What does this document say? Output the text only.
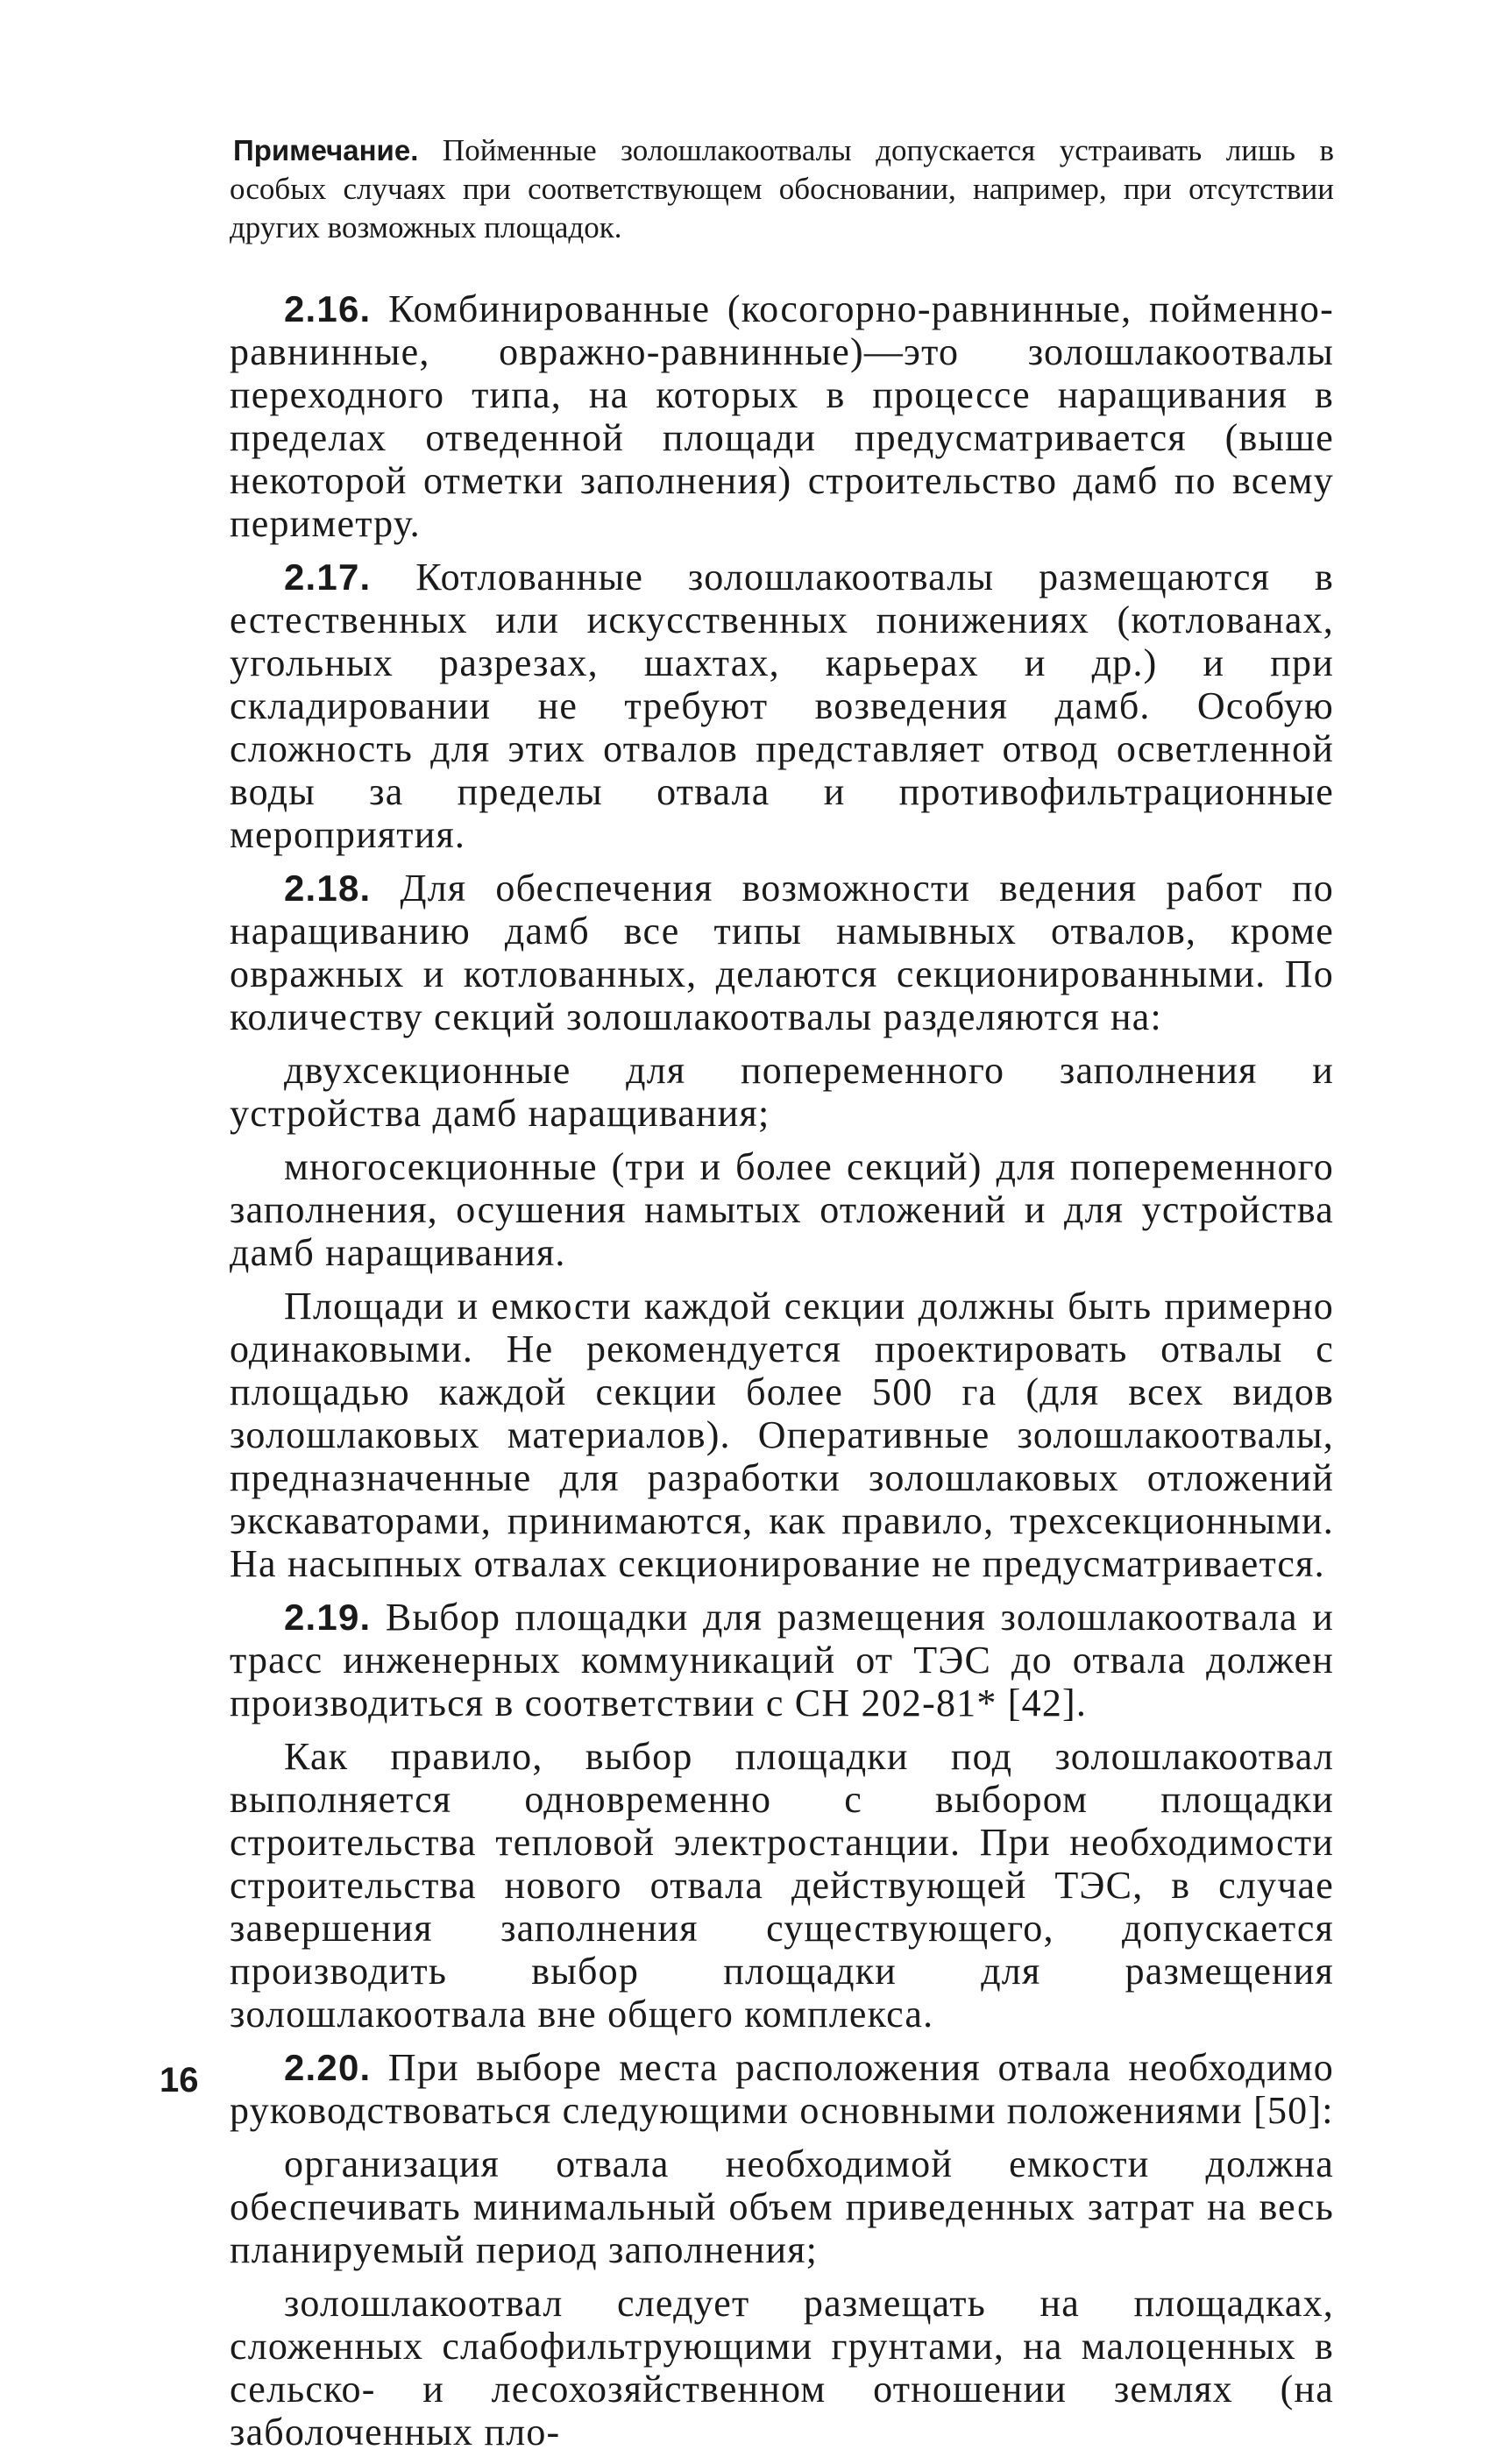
Примечание. Пойменные золошлакоотвалы допускается устраивать лишь в особых случаях при соответствующем обосновании, например, при отсутствии других возможных площадок.

2.16. Комбинированные (косогорно-равнинные, пойменно-равнинные, овражно-равнинные)—это золошлакоотвалы переходного типа, на которых в процессе наращивания в пределах отведенной площади предусматривается (выше некоторой отметки заполнения) строительство дамб по всему периметру.

2.17. Котлованные золошлакоотвалы размещаются в естественных или искусственных понижениях (котлованах, угольных разрезах, шахтах, карьерах и др.) и при складировании не требуют возведения дамб. Особую сложность для этих отвалов представляет отвод осветленной воды за пределы отвала и противофильтрационные мероприятия.

2.18. Для обеспечения возможности ведения работ по наращиванию дамб все типы намывных отвалов, кроме овражных и котлованных, делаются секционированными. По количеству секций золошлакоотвалы разделяются на:

двухсекционные для попеременного заполнения и устройства дамб наращивания;

многосекционные (три и более секций) для попеременного заполнения, осушения намытых отложений и для устройства дамб наращивания.

Площади и емкости каждой секции должны быть примерно одинаковыми. Не рекомендуется проектировать отвалы с площадью каждой секции более 500 га (для всех видов золошлаковых материалов). Оперативные золошлакоотвалы, предназначенные для разработки золошлаковых отложений экскаваторами, принимаются, как правило, трехсекционными. На насыпных отвалах секционирование не предусматривается.

2.19. Выбор площадки для размещения золошлакоотвала и трасс инженерных коммуникаций от ТЭС до отвала должен производиться в соответствии с СН 202-81* [42].

Как правило, выбор площадки под золошлакоотвал выполняется одновременно с выбором площадки строительства тепловой электростанции. При необходимости строительства нового отвала действующей ТЭС, в случае завершения заполнения существующего, допускается производить выбор площадки для размещения золошлакоотвала вне общего комплекса.

2.20. При выборе места расположения отвала необходимо руководствоваться следующими основными положениями [50]:

организация отвала необходимой емкости должна обеспечивать минимальный объем приведенных затрат на весь планируемый период заполнения;

золошлакоотвал следует размещать на площадках, сложенных слабофильтрующими грунтами, на малоценных в сельско- и лесохозяйственном отношении землях (на заболоченных пло-

16
